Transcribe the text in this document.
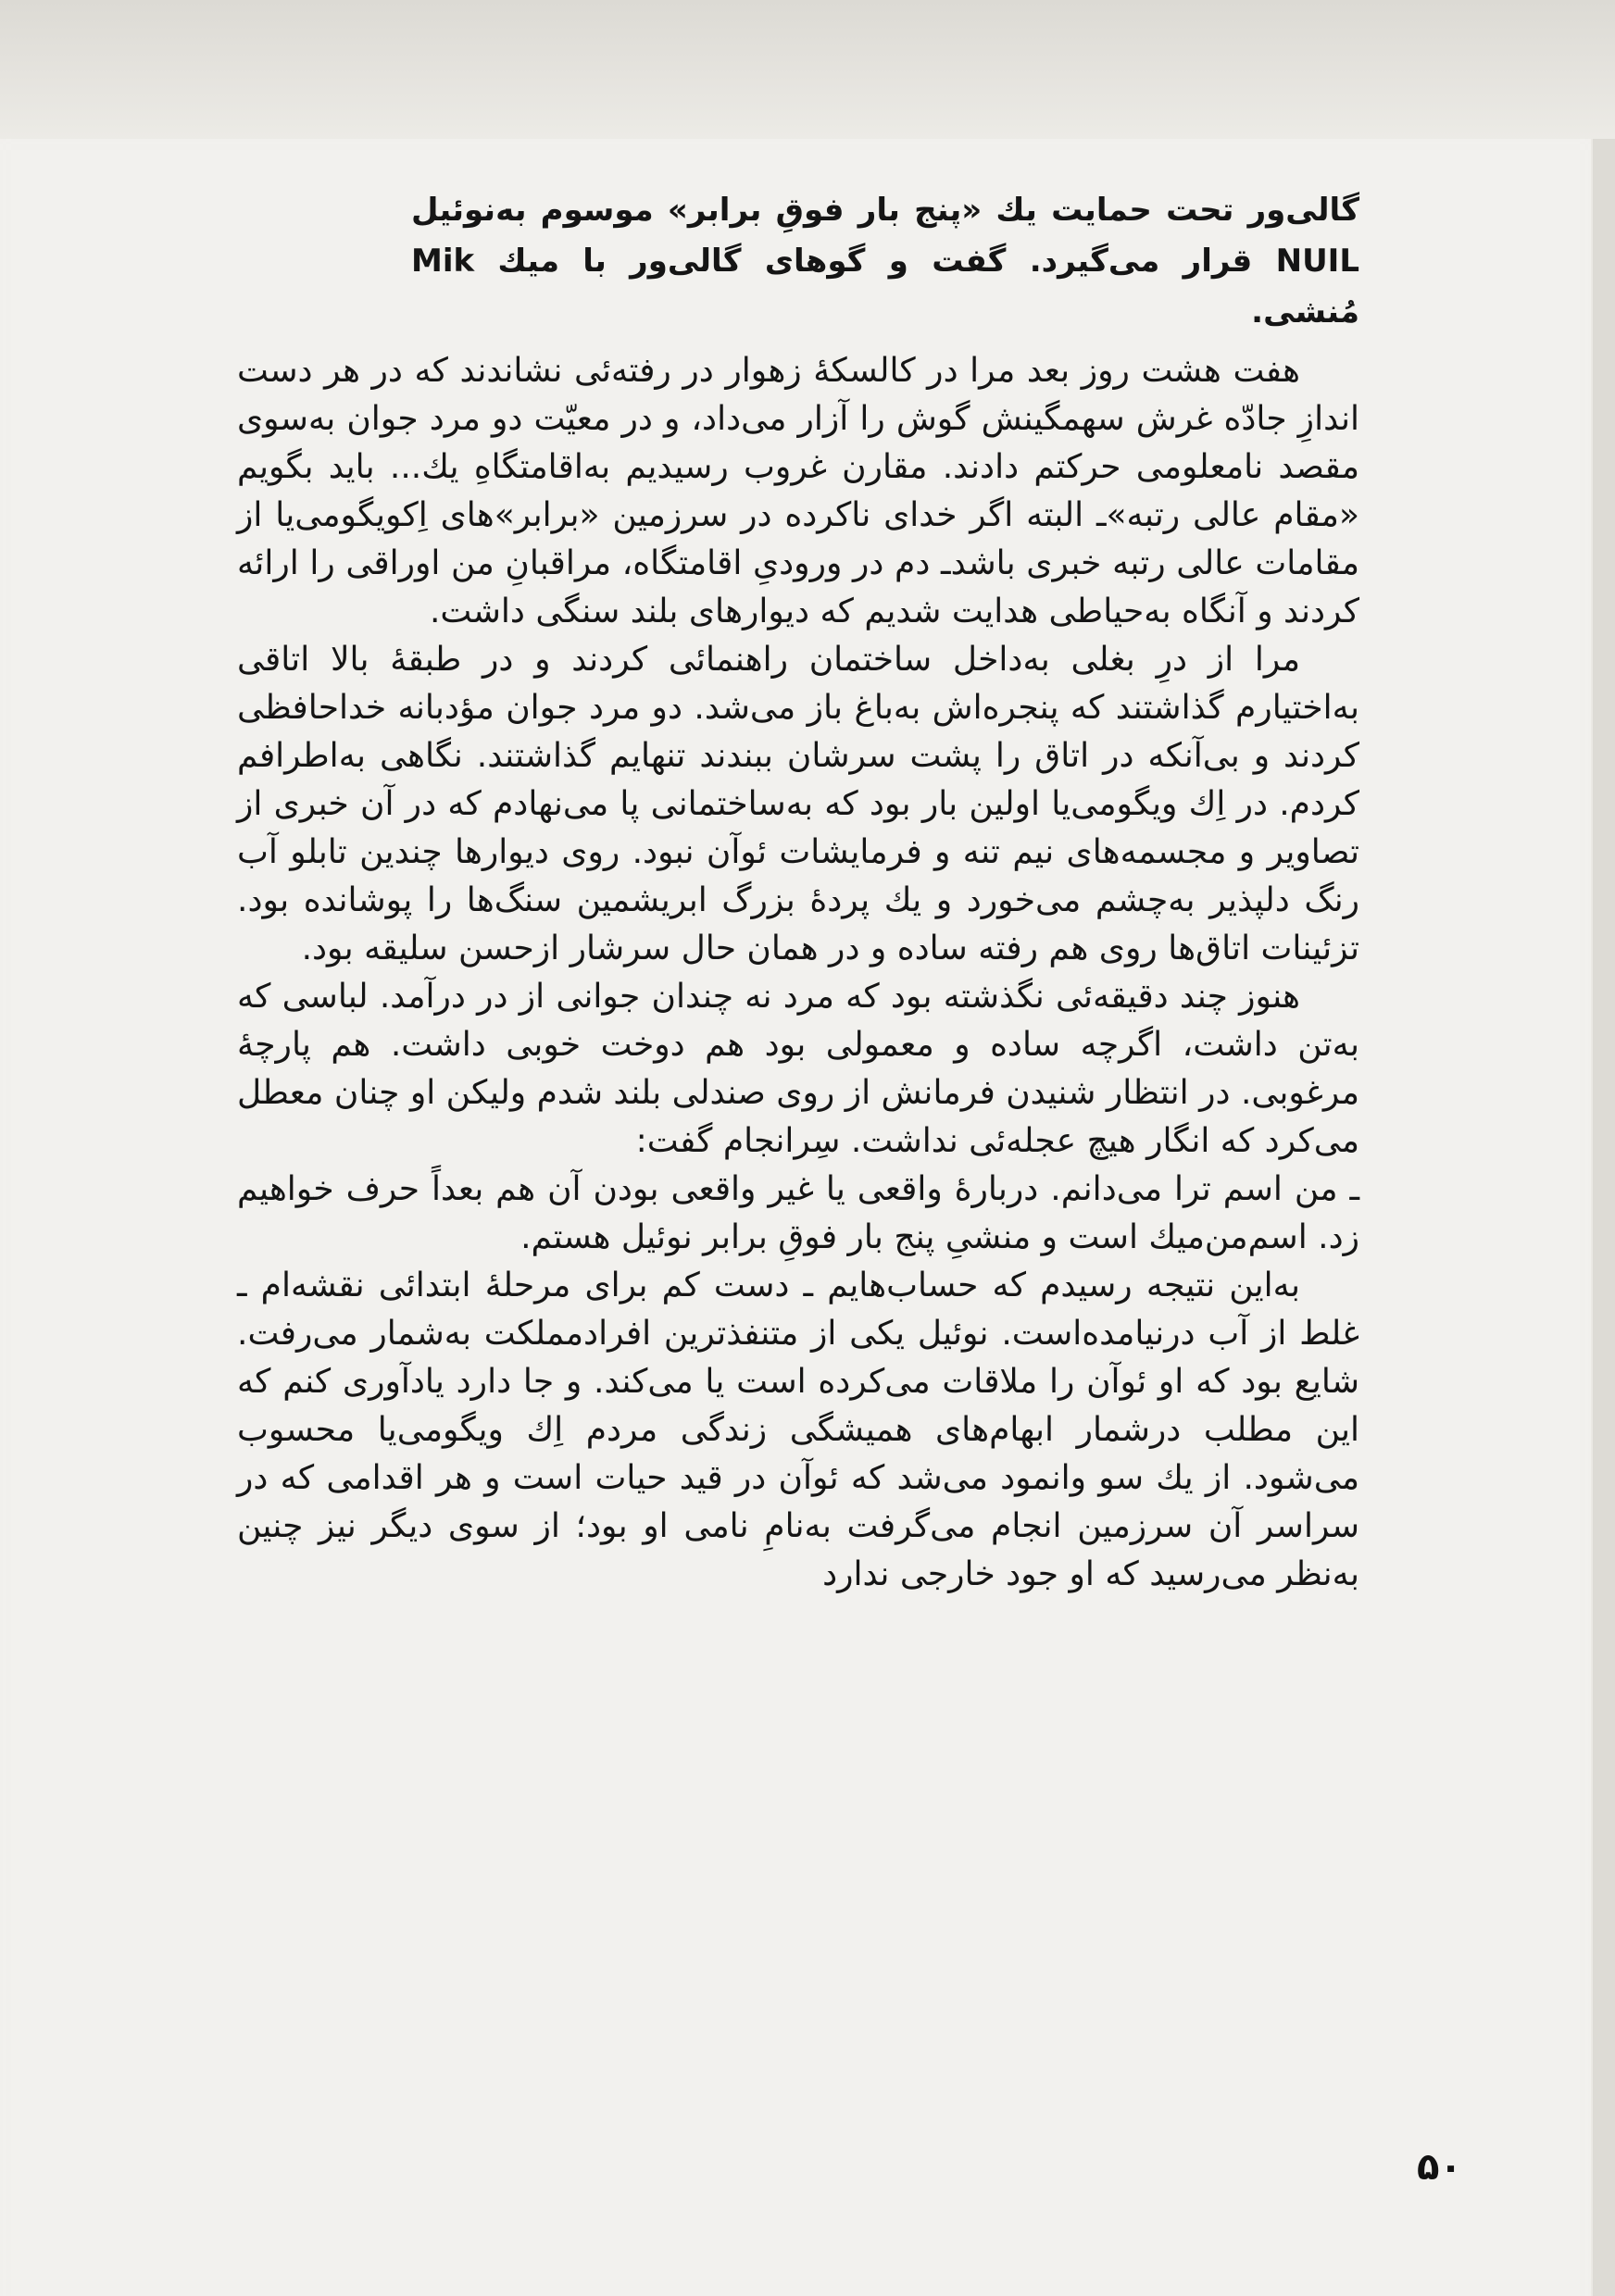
گالی‌ور تحت حمایت یك «پنج بار فوقِ برابر» موسوم به‌نوئیل NUIL قرار می‌گیرد. گفت و گوهای گالی‌ور با میك Mik مُنشی.

هفت هشت روز بعد مرا در کالسکهٔ زهوار در رفته‌ئی نشاندند که در هر دست اندازِ جادّه غرش سهمگینش گوش را آزار می‌داد، و در معیّت دو مرد جوان به‌سوی مقصد نامعلومی حرکتم دادند. مقارن غروب رسیدیم به‌اقامتگاهِ یك... باید بگویم «مقام عالی رتبه»ـ البته اگر خدای ناکرده در سرزمین «برابر»های اِکویگومی‌یا از مقامات عالی رتبه خبری باشدـ دم در ورودیِ اقامتگاه، مراقبانِ من اوراقی را ارائه کردند و آنگاه به‌حیاطی هدایت شدیم که دیوارهای بلند سنگی داشت.

مرا از درِ بغلی به‌داخل ساختمان راهنمائی کردند و در طبقهٔ بالا اتاقی به‌اختیارم گذاشتند که پنجره‌اش به‌باغ باز می‌شد. دو مرد جوان مؤدبانه خداحافظی کردند و بی‌آنکه در اتاق را پشت سرشان ببندند تنهایم گذاشتند. نگاهی به‌اطرافم کردم. در اِك ویگومی‌یا اولین بار بود که به‌ساختمانی پا می‌نهادم که در آن خبری از تصاویر و مجسمه‌های نیم تنه و فرمایشات ئوآن نبود. روی دیوارها چندین تابلو آب رنگ دلپذیر به‌چشم می‌خورد و یك پردهٔ بزرگ ابریشمین سنگ‌ها را پوشانده بود. تزئینات اتاق‌ها روی هم رفته ساده و در همان حال سرشار ازحسن سلیقه بود.

هنوز چند دقیقه‌ئی نگذشته بود که مرد نه چندان جوانی از در درآمد. لباسی که به‌تن داشت، اگرچه ساده و معمولی بود هم دوخت خوبی داشت. هم پارچهٔ مرغوبی. در انتظار شنیدن فرمانش از روی صندلی بلند شدم ولیکن او چنان معطل می‌کرد که انگار هیچ عجله‌ئی نداشت. سِرانجام گفت:

ـ من اسم ترا می‌دانم. دربارهٔ واقعی یا غیر واقعی بودن آن هم بعداً حرف خواهیم زد. اسم‌من‌میك است و منشیِ پنج بار فوقِ برابر نوئیل هستم.

به‌این نتیجه رسیدم که حساب‌هایم ـ دست کم برای مرحلهٔ ابتدائی نقشه‌ام ـ غلط از آب درنیامده‌است. نوئیل یکی از متنفذترین افرادمملکت به‌شمار می‌رفت. شایع بود که او ئوآن را ملاقات می‌کرده است یا می‌کند. و جا دارد یادآوری کنم که این مطلب درشمار ابهام‌های همیشگی زندگی مردم اِك ویگومی‌یا محسوب می‌شود. از یك سو وانمود می‌شد که ئوآن در قید حیات است و هر اقدامی که در سراسر آن سرزمین انجام می‌گرفت به‌نامِ نامی او بود؛ از سوی دیگر نیز چنین به‌نظر می‌رسید که او جود خارجی ندارد

۵۰
